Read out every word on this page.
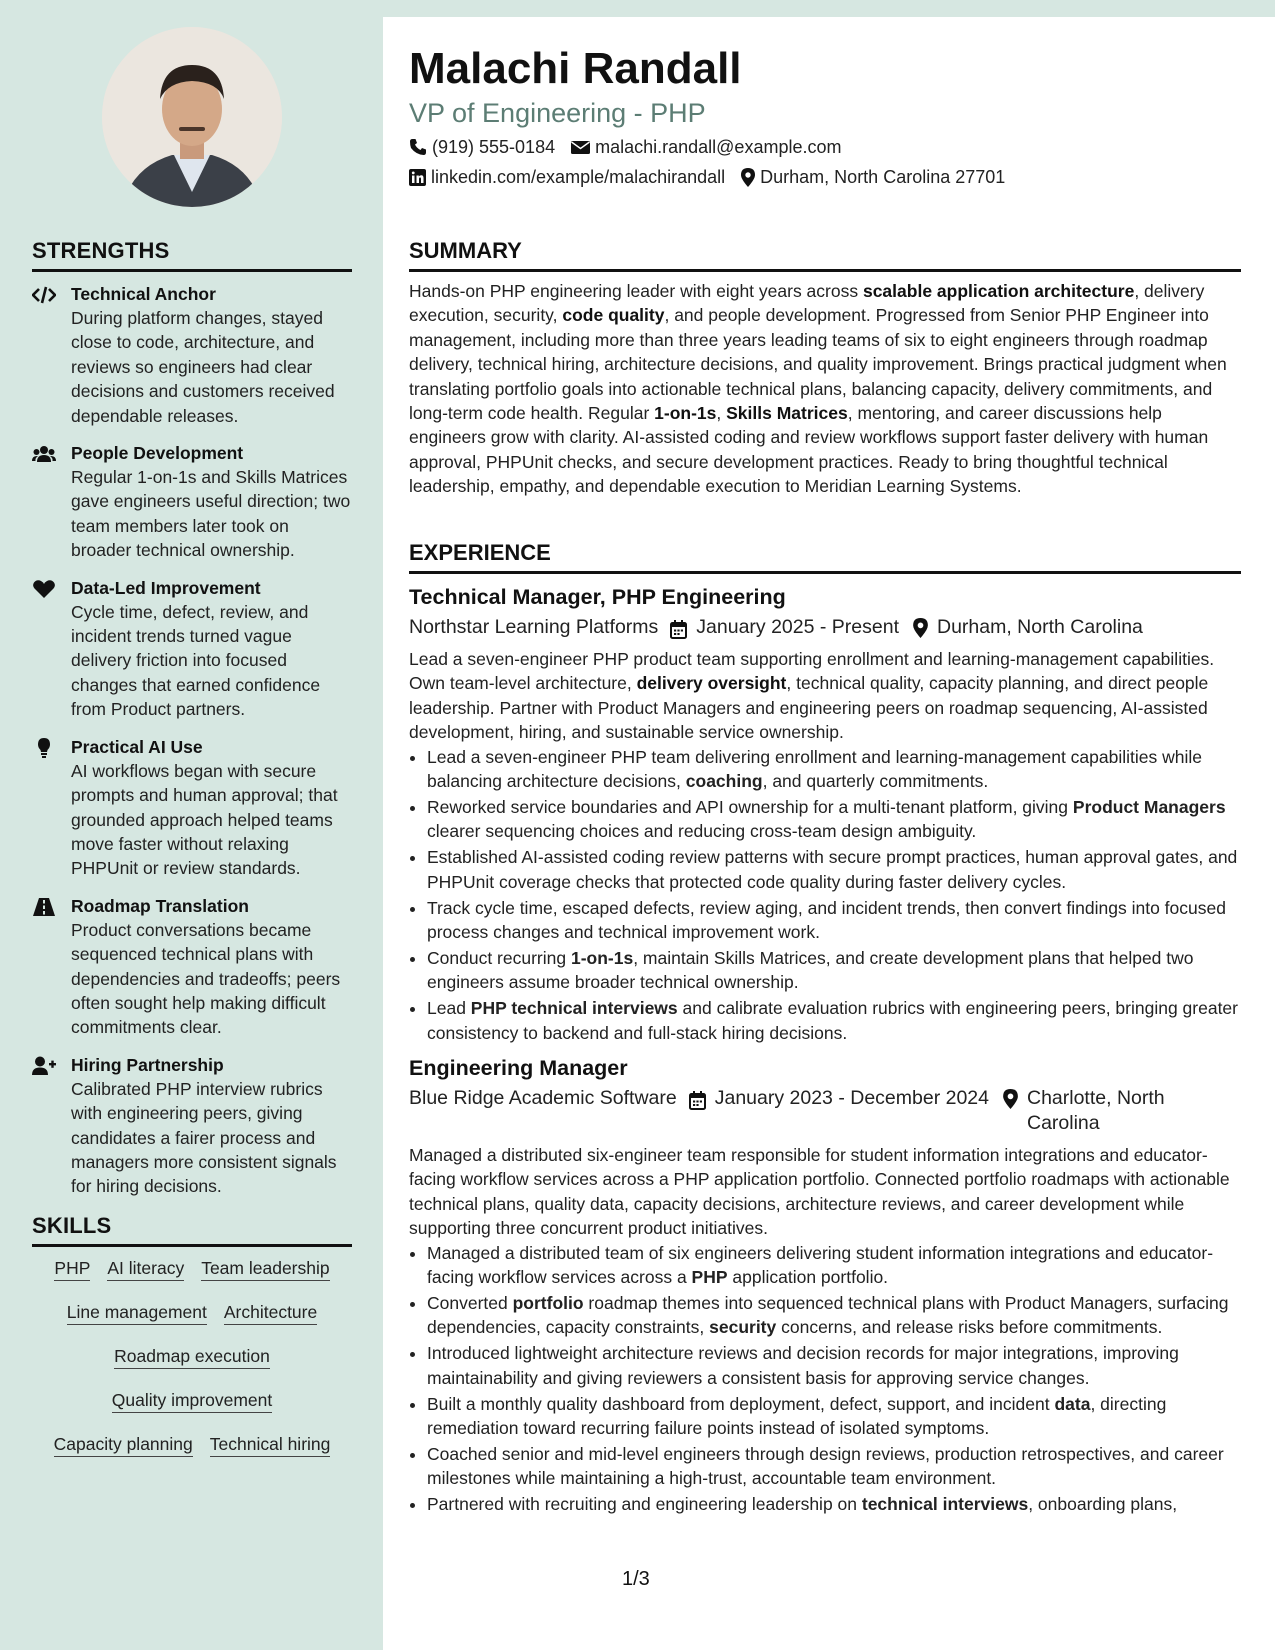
STRENGTHS
Technical Anchor
During platform changes, stayed close to code, architecture, and reviews so engineers had clear decisions and customers received dependable releases.
People Development
Regular 1-on-1s and Skills Matrices gave engineers useful direction; two team members later took on broader technical ownership.
Data-Led Improvement
Cycle time, defect, review, and incident trends turned vague delivery friction into focused changes that earned confidence from Product partners.
Practical AI Use
AI workflows began with secure prompts and human approval; that grounded approach helped teams move faster without relaxing PHPUnit or review standards.
Roadmap Translation
Product conversations became sequenced technical plans with dependencies and tradeoffs; peers often sought help making difficult commitments clear.
Hiring Partnership
Calibrated PHP interview rubrics with engineering peers, giving candidates a fairer process and managers more consistent signals for hiring decisions.
SKILLS
PHP AI literacy Team leadership
Line management Architecture
Roadmap execution
Quality improvement
Capacity planning Technical hiring
Malachi Randall
VP of Engineering - PHP
(919) 555-0184 malachi.randall@example.com
linkedin.com/example/malachirandall Durham, North Carolina 27701
SUMMARY
Hands-on PHP engineering leader with eight years across scalable application architecture, delivery execution, security, code quality, and people development. Progressed from Senior PHP Engineer into management, including more than three years leading teams of six to eight engineers through roadmap delivery, technical hiring, architecture decisions, and quality improvement. Brings practical judgment when translating portfolio goals into actionable technical plans, balancing capacity, delivery commitments, and long-term code health. Regular 1-on-1s, Skills Matrices, mentoring, and career discussions help engineers grow with clarity. AI-assisted coding and review workflows support faster delivery with human approval, PHPUnit checks, and secure development practices. Ready to bring thoughtful technical leadership, empathy, and dependable execution to Meridian Learning Systems.
EXPERIENCE
Technical Manager, PHP Engineering
Northstar Learning Platforms January 2025 - Present Durham, North Carolina
Lead a seven-engineer PHP product team supporting enrollment and learning-management capabilities. Own team-level architecture, delivery oversight, technical quality, capacity planning, and direct people leadership. Partner with Product Managers and engineering peers on roadmap sequencing, AI-assisted development, hiring, and sustainable service ownership.
• Lead a seven-engineer PHP team delivering enrollment and learning-management capabilities while balancing architecture decisions, coaching, and quarterly commitments.
• Reworked service boundaries and API ownership for a multi-tenant platform, giving Product Managers clearer sequencing choices and reducing cross-team design ambiguity.
• Established AI-assisted coding review patterns with secure prompt practices, human approval gates, and PHPUnit coverage checks that protected code quality during faster delivery cycles.
• Track cycle time, escaped defects, review aging, and incident trends, then convert findings into focused process changes and technical improvement work.
• Conduct recurring 1-on-1s, maintain Skills Matrices, and create development plans that helped two engineers assume broader technical ownership.
• Lead PHP technical interviews and calibrate evaluation rubrics with engineering peers, bringing greater consistency to backend and full-stack hiring decisions.
Engineering Manager
Blue Ridge Academic Software January 2023 - December 2024 Charlotte, North Carolina
Managed a distributed six-engineer team responsible for student information integrations and educator-facing workflow services across a PHP application portfolio. Connected portfolio roadmaps with actionable technical plans, quality data, capacity decisions, architecture reviews, and career development while supporting three concurrent product initiatives.
• Managed a distributed team of six engineers delivering student information integrations and educator-facing workflow services across a PHP application portfolio.
• Converted portfolio roadmap themes into sequenced technical plans with Product Managers, surfacing dependencies, capacity constraints, security concerns, and release risks before commitments.
• Introduced lightweight architecture reviews and decision records for major integrations, improving maintainability and giving reviewers a consistent basis for approving service changes.
• Built a monthly quality dashboard from deployment, defect, support, and incident data, directing remediation toward recurring failure points instead of isolated symptoms.
• Coached senior and mid-level engineers through design reviews, production retrospectives, and career milestones while maintaining a high-trust, accountable team environment.
• Partnered with recruiting and engineering leadership on technical interviews, onboarding plans,
1/3
